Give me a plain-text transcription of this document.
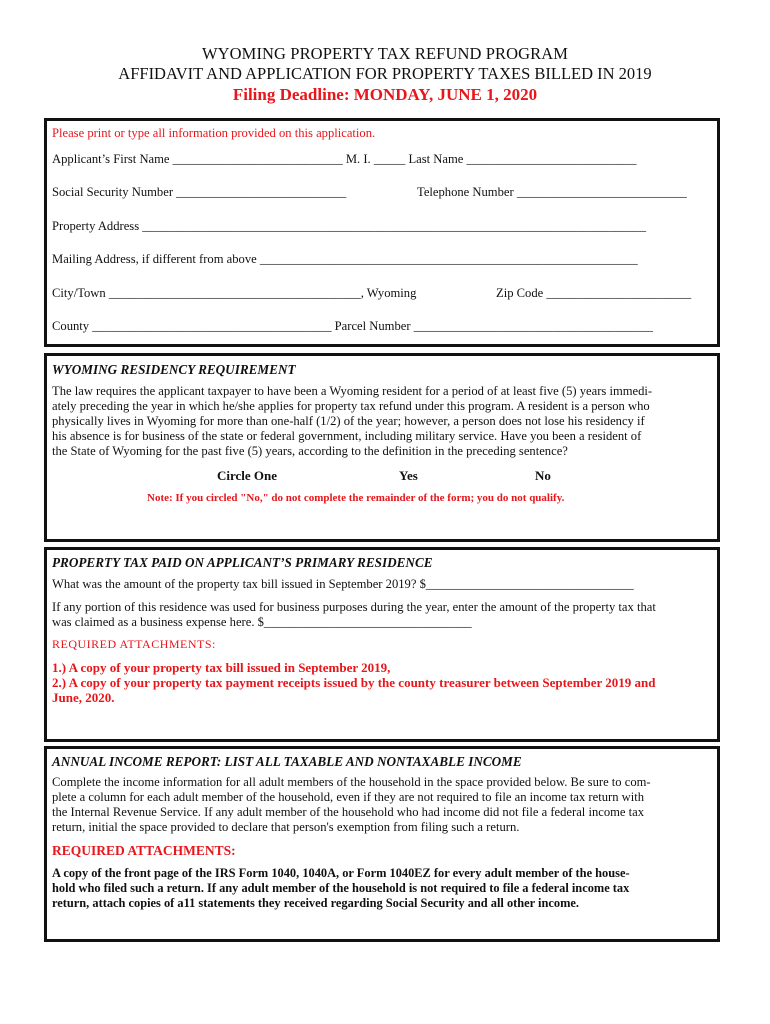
WYOMING PROPERTY TAX REFUND PROGRAM
AFFIDAVIT AND APPLICATION FOR PROPERTY TAXES BILLED IN 2019
Filing Deadline: MONDAY, JUNE 1, 2020
Please print or type all information provided on this application.
Applicant’s First Name ___________________________ M. I. _____ Last Name ___________________________
Social Security Number ___________________________	Telephone Number ___________________________
Property Address ________________________________________________________________________________
Mailing Address, if different from above ____________________________________________________________
City/Town ________________________________________, Wyoming	Zip Code _______________________
County ______________________________________ Parcel Number ______________________________________
WYOMING RESIDENCY REQUIREMENT
The law requires the applicant taxpayer to have been a Wyoming resident for a period of at least five (5) years immedi-
ately preceding the year in which he/she applies for property tax refund under this program. A resident is a person who
physically lives in Wyoming for more than one-half (1/2) of the year; however, a person does not lose his residency if
his absence is for business of the state or federal government, including military service. Have you been a resident of
the State of Wyoming for the past five (5) years, according to the definition in the preceding sentence?
Circle One	Yes	No
Note: If you circled "No," do not complete the remainder of the form; you do not qualify.
PROPERTY TAX PAID ON APPLICANT’S PRIMARY RESIDENCE
What was the amount of the property tax bill issued in September 2019? $_________________________________
If any portion of this residence was used for business purposes during the year, enter the amount of the property tax that
was claimed as a business expense here. $_________________________________
REQUIRED ATTACHMENTS:
1.) A copy of your property tax bill issued in September 2019,
2.) A copy of your property tax payment receipts issued by the county treasurer between September 2019 and
June, 2020.
ANNUAL INCOME REPORT: LIST ALL TAXABLE AND NONTAXABLE INCOME
Complete the income information for all adult members of the household in the space provided below. Be sure to com-
plete a column for each adult member of the household, even if they are not required to file an income tax return with
the Internal Revenue Service. If any adult member of the household who had income did not file a federal income tax
return, initial the space provided to declare that person's exemption from filing such a return.
REQUIRED ATTACHMENTS:
A copy of the front page of the IRS Form 1040, 1040A, or Form 1040EZ for every adult member of the house-
hold who filed such a return. If any adult member of the household is not required to file a federal income tax
return, attach copies of a11 statements they received regarding Social Security and all other income.
